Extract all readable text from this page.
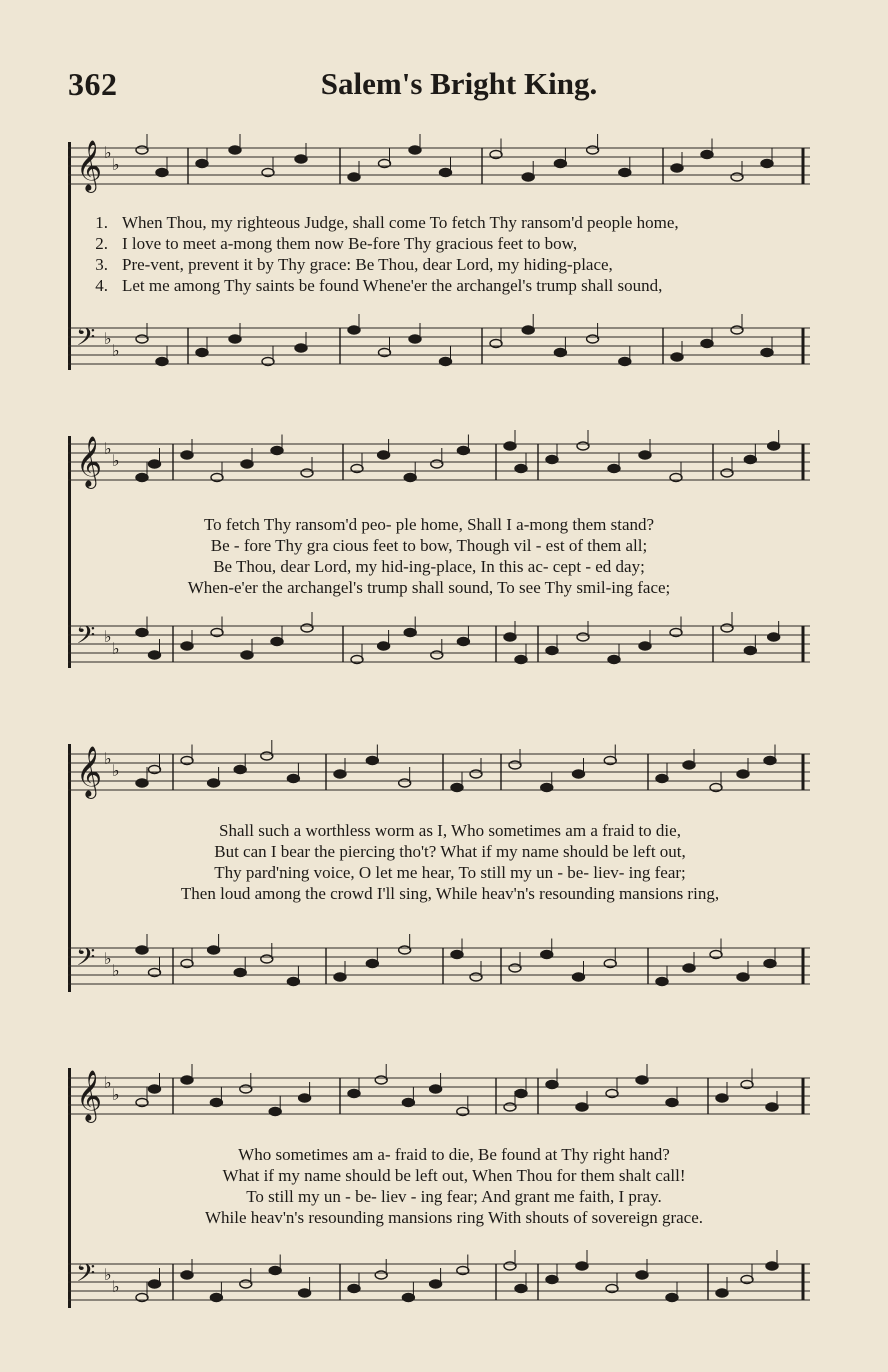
362	Salem's Bright King.
𝄞 ♭
♭
1. When Thou, my righteous Judge, shall come To fetch Thy ransom'd people home,
2. I love to meet a-mong them now Be-fore Thy gracious feet to bow,
3. Pre-vent, prevent it by Thy grace: Be Thou, dear Lord, my hiding-place,
4. Let me among Thy saints be found Whene'er the archangel's trump shall sound,
𝄢 ♭
♭
𝄞 ♭
♭
To fetch Thy ransom'd peo- ple home, Shall I a-mong them stand?
Be - fore Thy gra cious feet to bow, Though vil - est of them all;
Be Thou, dear Lord, my hid-ing-place, In this ac- cept - ed day;
When-e'er the archangel's trump shall sound, To see Thy smil-ing face;
𝄢 ♭
♭
𝄞 ♭
♭
Shall such a worthless worm as I, Who sometimes am a fraid to die,
But can I bear the piercing tho't? What if my name should be left out,
Thy pard'ning voice, O let me hear, To still my un - be- liev- ing fear;
Then loud among the crowd I'll sing, While heav'n's resounding mansions ring,
𝄢 ♭
♭
𝄞 ♭
♭
Who sometimes am a- fraid to die, Be found at Thy right hand?
What if my name should be left out, When Thou for them shalt call!
To still my un - be- liev - ing fear; And grant me faith, I pray.
While heav'n's resounding mansions ring With shouts of sovereign grace.
𝄢 ♭
♭
